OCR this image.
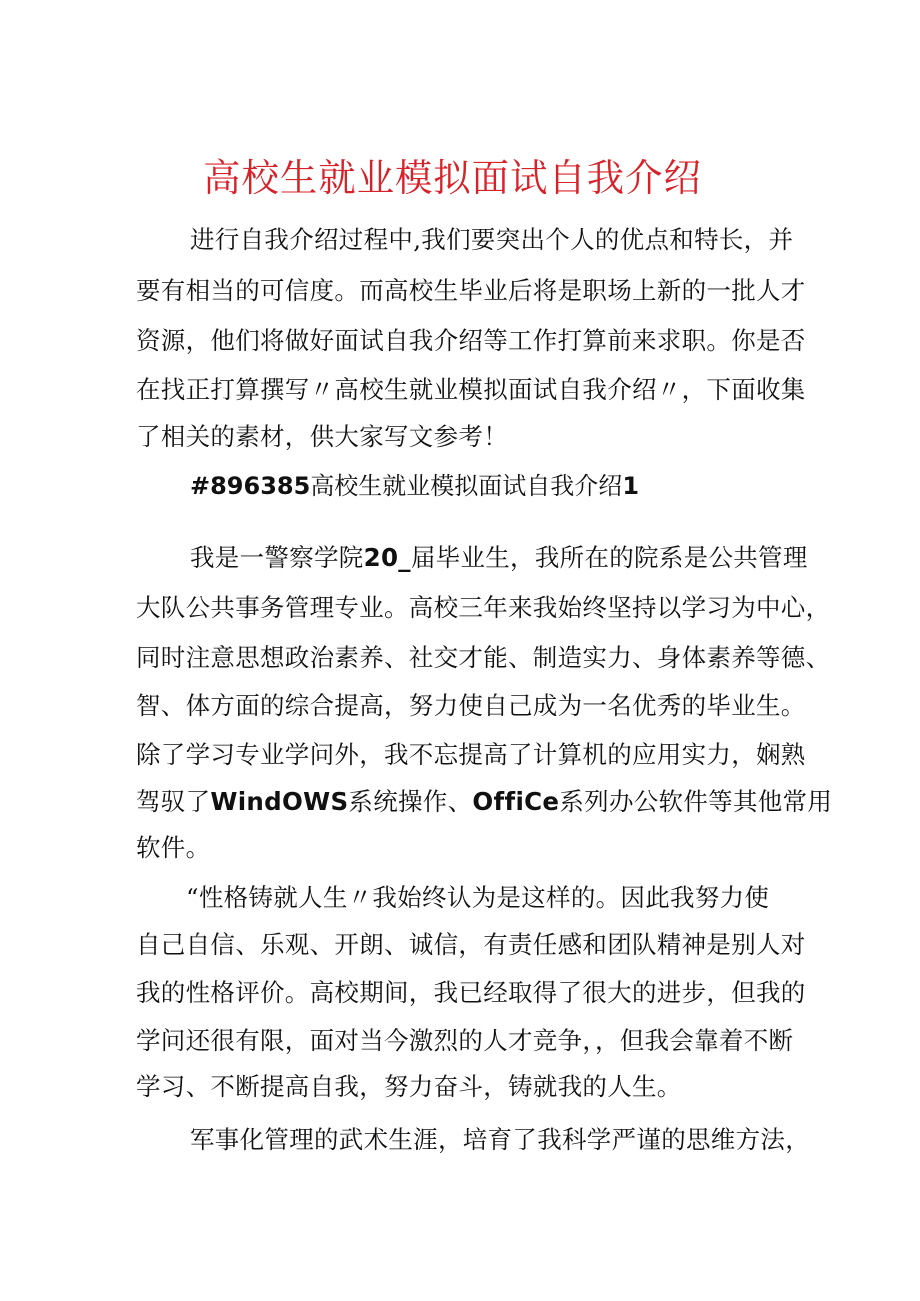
高校生就业模拟面试自我介绍
进行自我介绍过程中,我们要突出个人的优点和特长，并
要有相当的可信度。而高校生毕业后将是职场上新的一批人才
资源，他们将做好面试自我介绍等工作打算前来求职。你是否
在找正打算撰写〃高校生就业模拟面试自我介绍〃，下面收集
了相关的素材，供大家写文参考！
#896385高校生就业模拟面试自我介绍1
我是一警察学院20_届毕业生，我所在的院系是公共管理
大队公共事务管理专业。高校三年来我始终坚持以学习为中心，
同时注意思想政治素养、社交才能、制造实力、身体素养等德、
智、体方面的综合提高，努力使自己成为一名优秀的毕业生。
除了学习专业学问外，我不忘提高了计算机的应用实力，娴熟
驾驭了WindOWS系统操作、OffiCe系列办公软件等其他常用
软件。
“性格铸就人生〃我始终认为是这样的。因此我努力使
自己自信、乐观、开朗、诚信，有责任感和团队精神是别人对
我的性格评价。高校期间，我已经取得了很大的进步，但我的
学问还很有限，面对当今激烈的人才竞争，，但我会靠着不断
学习、不断提高自我，努力奋斗，铸就我的人生。
军事化管理的武术生涯，培育了我科学严谨的思维方法，
